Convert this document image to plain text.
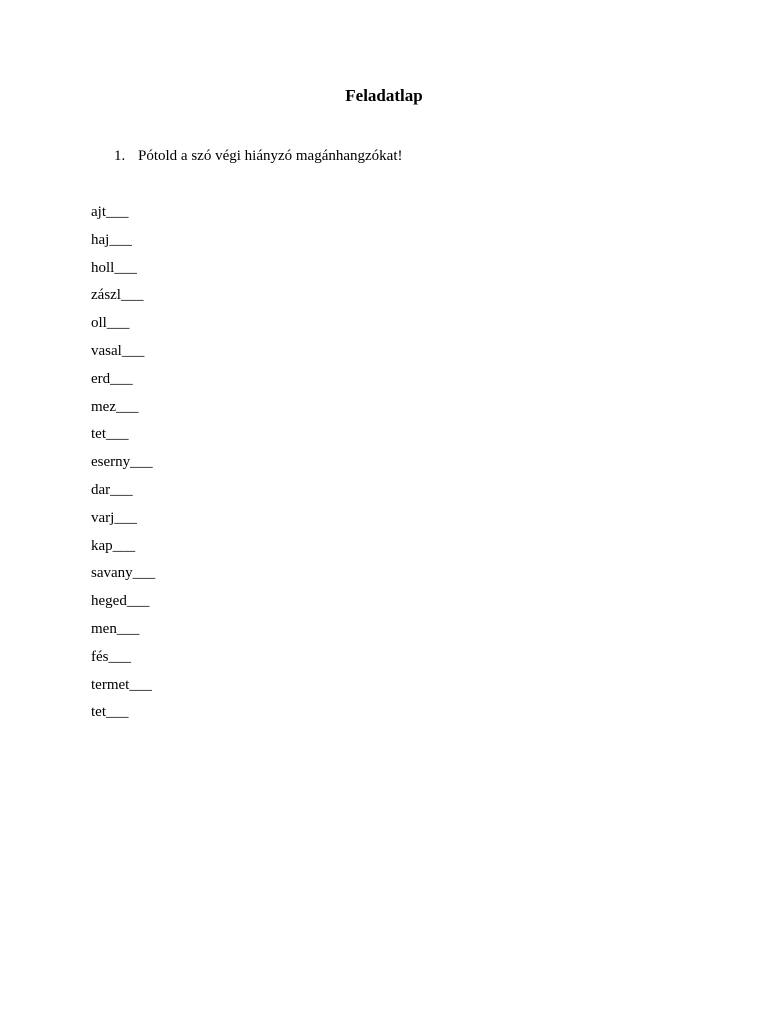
Feladatlap

1. Pótold a szó végi hiányzó magánhangzókat!

ajt___
haj___
holl___
zászl___
oll___
vasal___
erd___
mez___
tet___
eserny___
dar___
varj___
kap___
savany___
heged___
men___
fés___
termet___
tet___
